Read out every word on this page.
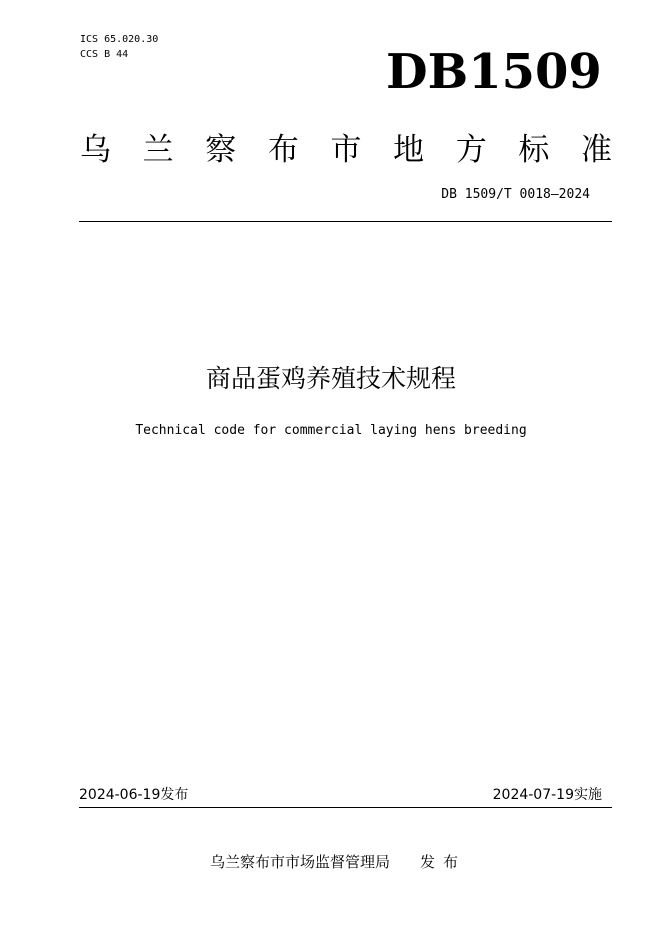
ICS 65.020.30
CCS B 44	DB1509
乌 兰 察 布 市 地 方 标 准
DB 1509/T 0018—2024
商品蛋鸡养殖技术规程
Technical code for commercial laying hens breeding
2024-06-19发布	2024-07-19实施
乌兰察布市市场监督管理局 发布
